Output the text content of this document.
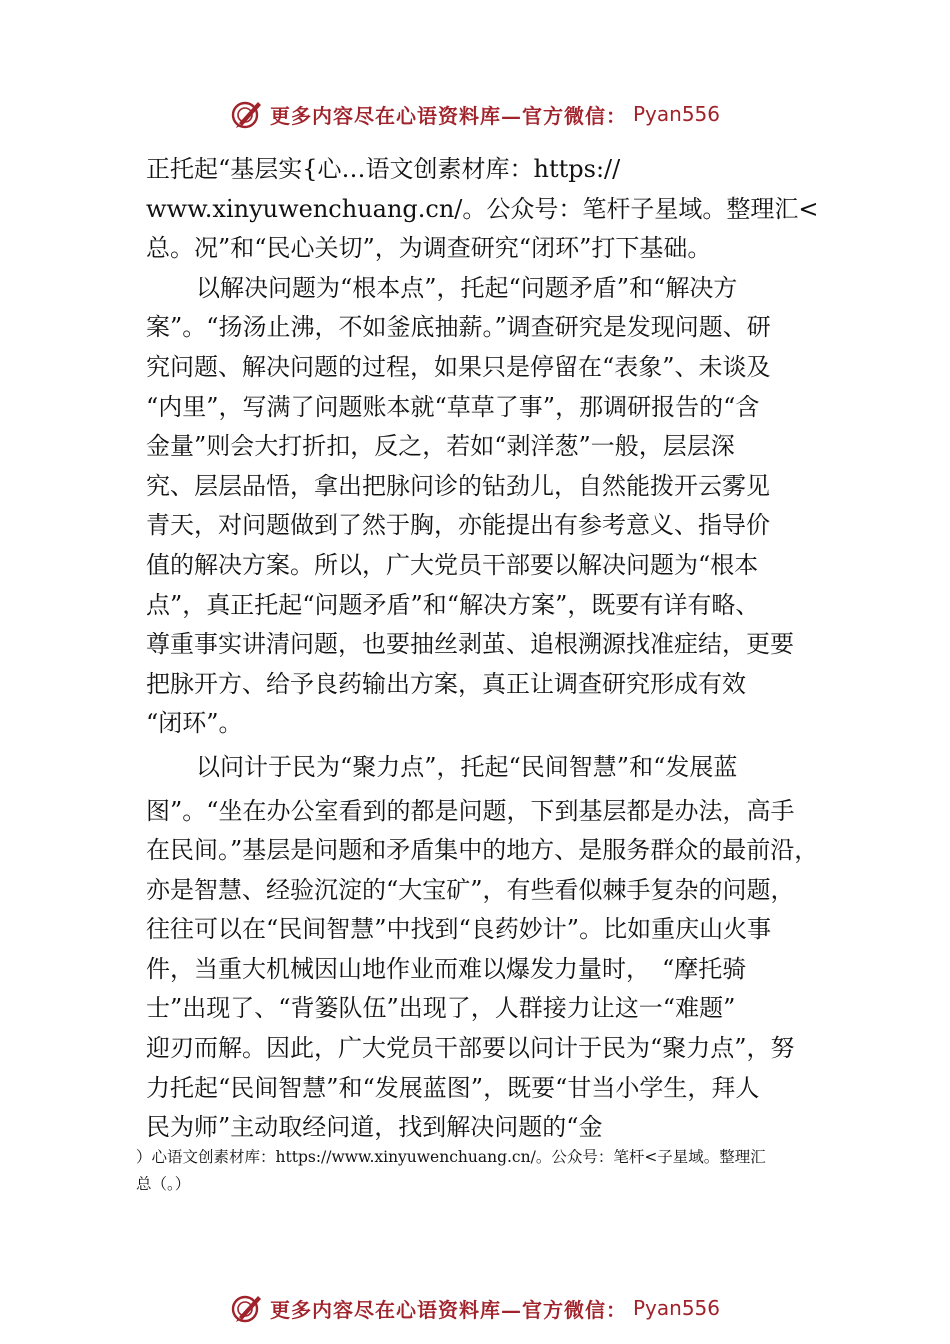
更多内容尽在心语资料库—官方微信： Pyan556
正托起“基层实{心…语文创素材库：https://
www.xinyuwenchuang.cn/。公众号：笔杆子星域。整理汇<
总。况”和“民心关切”，为调查研究“闭环”打下基础。
以解决问题为“根本点”，托起“问题矛盾”和“解决方
案”。“扬汤止沸，不如釜底抽薪。”调查研究是发现问题、研
究问题、解决问题的过程，如果只是停留在“表象”、未谈及
“内里”，写满了问题账本就“草草了事”，那调研报告的“含
金量”则会大打折扣，反之，若如“剥洋葱”一般，层层深
究、层层品悟，拿出把脉问诊的钻劲儿，自然能拨开云雾见
青天，对问题做到了然于胸，亦能提出有参考意义、指导价
值的解决方案。所以，广大党员干部要以解决问题为“根本
点”，真正托起“问题矛盾”和“解决方案”，既要有详有略、
尊重事实讲清问题，也要抽丝剥茧、追根溯源找准症结，更要
把脉开方、给予良药输出方案，真正让调查研究形成有效
“闭环”。
以问计于民为“聚力点”，托起“民间智慧”和“发展蓝
图”。“坐在办公室看到的都是问题，下到基层都是办法，高手
在民间。”基层是问题和矛盾集中的地方、是服务群众的最前沿，
亦是智慧、经验沉淀的“大宝矿”，有些看似棘手复杂的问题，
往往可以在“民间智慧”中找到“良药妙计”。比如重庆山火事
件，当重大机械因山地作业而难以爆发力量时，　“摩托骑
士”出现了、“背篓队伍”出现了，人群接力让这一“难题”
迎刃而解。因此，广大党员干部要以问计于民为“聚力点”，努
力托起“民间智慧”和“发展蓝图”，既要“甘当小学生，拜人
民为师”主动取经问道，找到解决问题的“金
）心语文创素材库：https://www.xinyuwenchuang.cn/。公众号：笔杆<子星域。整理汇
总（。）
更多内容尽在心语资料库—官方微信： Pyan556
